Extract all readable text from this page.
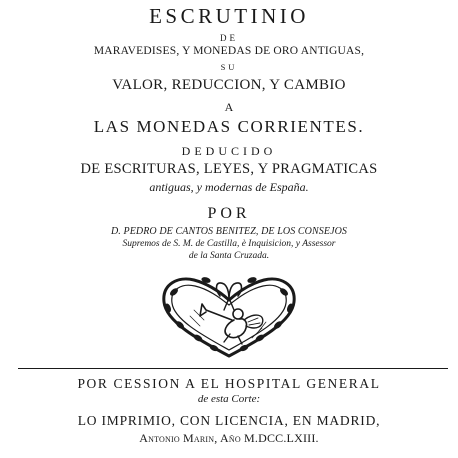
ESCRUTINIO
DE
MARAVEDISES, Y MONEDAS DE ORO ANTIGUAS,
SU
VALOR, REDUCCION, Y CAMBIO
A
LAS MONEDAS CORRIENTES.
DEDUCIDO
DE ESCRITURAS, LEYES, Y PRAGMATICAS
antiguas, y modernas de España.
POR
D. PEDRO DE CANTOS BENITEZ, DE LOS CONSEJOS
Supremos de S. M. de Castilla, è Inquisicion, y Assessor
de la Santa Cruzada.
POR CESSION A EL HOSPITAL GENERAL
de esta Corte:
LO IMPRIMIO, CON LICENCIA, EN MADRID,
Antonio Marin, Año M.DCC.LXIII.
